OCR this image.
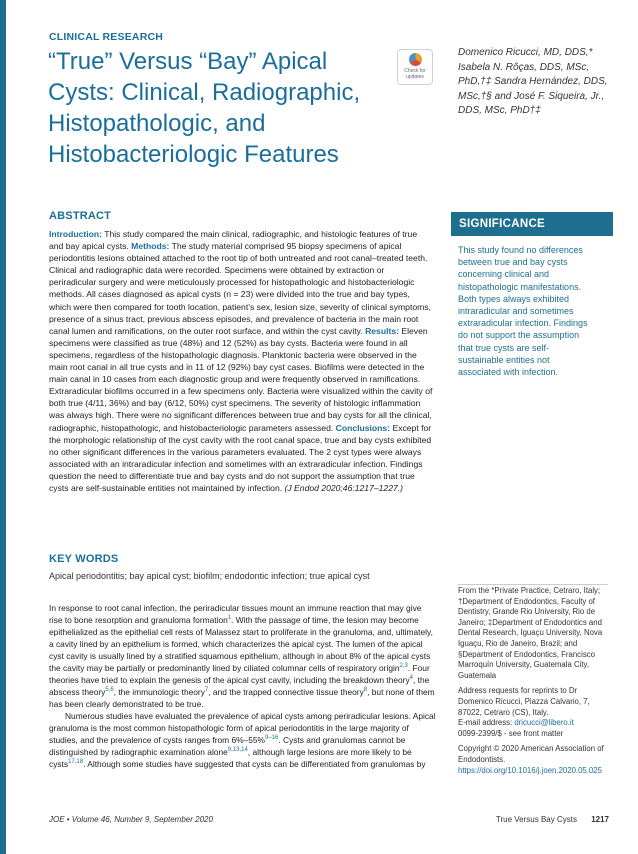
CLINICAL RESEARCH
“True” Versus “Bay” Apical Cysts: Clinical, Radiographic, Histopathologic, and Histobacteriologic Features
Check for updates
Domenico Ricucci, MD, DDS,* Isabela N. Rôças, DDS, MSc, PhD,†‡ Sandra Hernández, DDS, MSc,†§ and José F. Siqueira, Jr., DDS, MSc, PhD†‡
ABSTRACT
Introduction: This study compared the main clinical, radiographic, and histologic features of true and bay apical cysts. Methods: The study material comprised 95 biopsy specimens of apical periodontitis lesions obtained attached to the root tip of both untreated and root canal–treated teeth. Clinical and radiographic data were recorded. Specimens were obtained by extraction or periradicular surgery and were meticulously processed for histopathologic and histobacteriologic methods. All cases diagnosed as apical cysts (n = 23) were divided into the true and bay types, which were then compared for tooth location, patient’s sex, lesion size, severity of clinical symptoms, presence of a sinus tract, previous abscess episodes, and prevalence of bacteria in the main root canal lumen and ramifications, on the outer root surface, and within the cyst cavity. Results: Eleven specimens were classified as true (48%) and 12 (52%) as bay cysts. Bacteria were found in all specimens, regardless of the histopathologic diagnosis. Planktonic bacteria were observed in the main root canal in all true cysts and in 11 of 12 (92%) bay cyst cases. Biofilms were detected in the main canal in 10 cases from each diagnostic group and were frequently observed in ramifications. Extraradicular biofilms occurred in a few specimens only. Bacteria were visualized within the cavity of both true (4/11, 36%) and bay (6/12, 50%) cyst specimens. The severity of histologic inflammation was always high. There were no significant differences between true and bay cysts for all the clinical, radiographic, histopathologic, and histobacteriologic parameters assessed. Conclusions: Except for the morphologic relationship of the cyst cavity with the root canal space, true and bay cysts exhibited no other significant differences in the various parameters evaluated. The 2 cyst types were always associated with an intraradicular infection and sometimes with an extraradicular infection. Findings question the need to differentiate true and bay cysts and do not support the assumption that true cysts are self-sustainable entities not maintained by infection. (J Endod 2020;46:1217–1227.)
SIGNIFICANCE
This study found no differences between true and bay cysts concerning clinical and histopathologic manifestations. Both types always exhibited intraradicular and sometimes extraradicular infection. Findings do not support the assumption that true cysts are self-sustainable entities not associated with infection.
KEY WORDS
Apical periodontitis; bay apical cyst; biofilm; endodontic infection; true apical cyst

In response to root canal infection, the periradicular tissues mount an immune reaction that may give rise to bone resorption and granuloma formation$^1$. With the passage of time, the lesion may become epithelialized as the epithelial cell rests of Malassez start to proliferate in the granuloma, and, ultimately, a cavity lined by an epithelium is formed, which characterizes the apical cyst. The lumen of the apical cyst cavity is usually lined by a stratified squamous epithelium, although in about 8% of the apical cysts the cavity may be partially or predominantly lined by ciliated columnar cells of respiratory origin$^{2,3}$. Four theories have tried to explain the genesis of the apical cyst cavity, including the breakdown theory$^4$, the abscess theory$^{5,6}$, the immunologic theory$^7$, and the trapped connective tissue theory$^8$, but none of them has been clearly demonstrated to be true.

Numerous studies have evaluated the prevalence of apical cysts among periradicular lesions. Apical granuloma is the most common histopathologic form of apical periodontitis in the large majority of studies, and the prevalence of cysts ranges from 6%–55%$^{9-16}$. Cysts and granulomas cannot be distinguished by radiographic examination alone$^{9,13,14}$, although large lesions are more likely to be cysts$^{17,18}$. Although some studies have suggested that cysts can be differentiated from granulomas by

From the *Private Practice, Cetraro, Italy; †Department of Endodontics, Faculty of Dentistry, Grande Rio University, Rio de Janeiro; ‡Department of Endodontics and Dental Research, Iguaçu University, Nova Iguaçu, Rio de Janeiro, Brazil; and §Department of Endodontics, Francisco Marroquín University, Guatemala City, Guatemala

Address requests for reprints to Dr Domenico Ricucci, Piazza Calvario, 7, 87022, Cetraro (CS), Italy.
E-mail address: dricucci@libero.it
0099-2399/$ - see front matter

Copyright © 2020 American Association of Endodontists.
https://doi.org/10.1016/j.joen.2020.05.025

JOE • Volume 46, Number 9, September 2020	True Versus Bay Cysts 1217
